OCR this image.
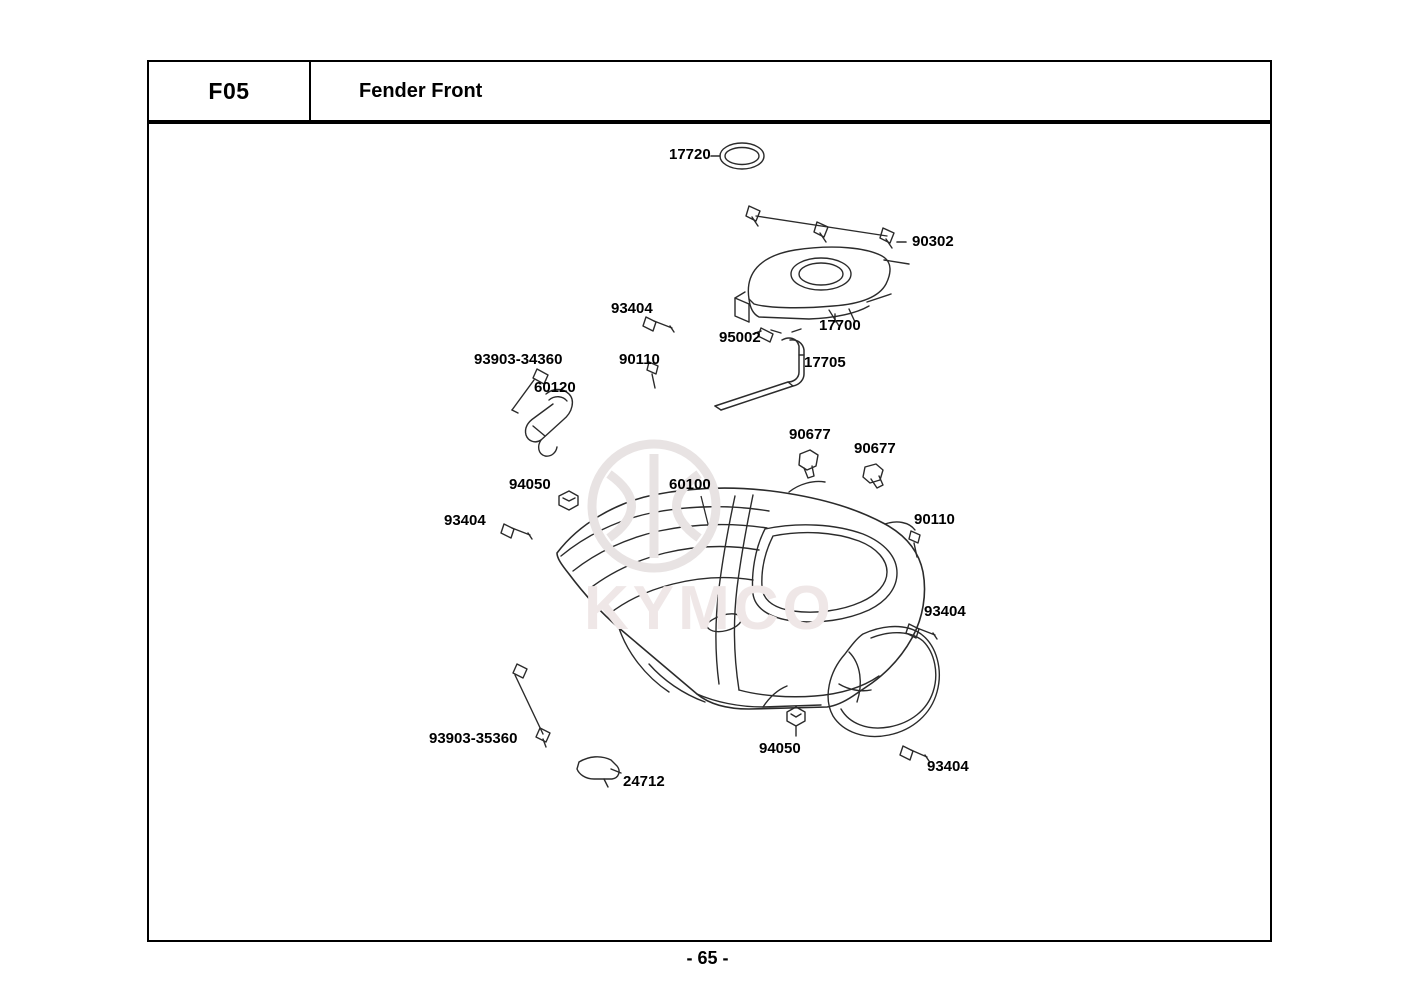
F05	Fender Front
KYMCO
17720
90302
17700
93404
95002
17705
90110
93903-34360
60120
90677
90677
94050	60100
93404	90110
93404
93903-35360
94050
93404
24712
- 65 -
